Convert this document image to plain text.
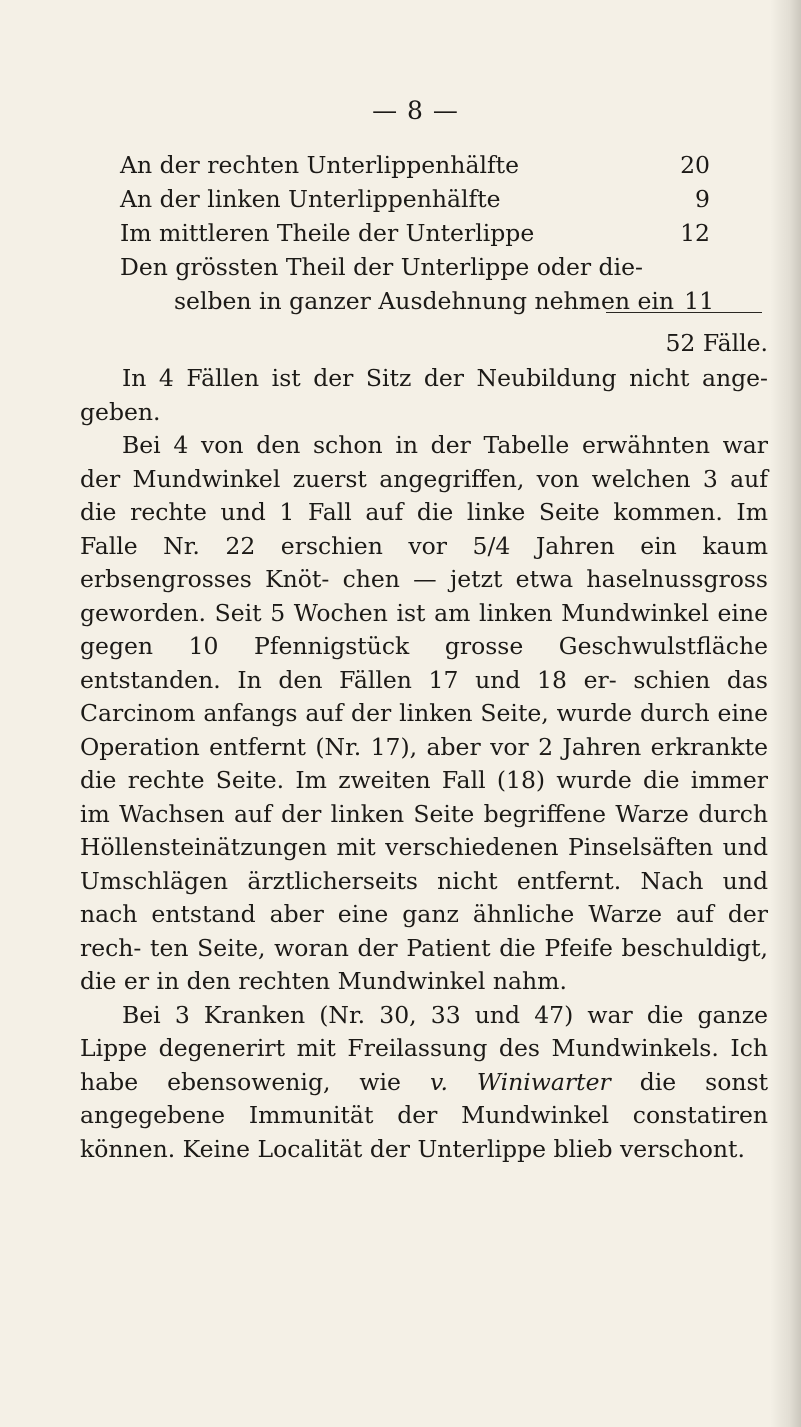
— 8 —
An der rechten Unterlippenhälfte	20
An der linken Unterlippenhälfte	9
Im mittleren Theile der Unterlippe	12
Den grössten Theil der Unterlippe oder die-
selben in ganzer Ausdehnung nehmen ein 11
52 Fälle.

In 4 Fällen ist der Sitz der Neubildung nicht ange- geben.

Bei 4 von den schon in der Tabelle erwähnten war der Mundwinkel zuerst angegriffen, von welchen 3 auf die rechte und 1 Fall auf die linke Seite kommen. Im Falle Nr. 22 erschien vor 5/4 Jahren ein kaum erbsengrosses Knöt- chen — jetzt etwa haselnussgross geworden. Seit 5 Wochen ist am linken Mundwinkel eine gegen 10 Pfennigstück grosse Geschwulstfläche entstanden. In den Fällen 17 und 18 er- schien das Carcinom anfangs auf der linken Seite, wurde durch eine Operation entfernt (Nr. 17), aber vor 2 Jahren erkrankte die rechte Seite. Im zweiten Fall (18) wurde die immer im Wachsen auf der linken Seite begriffene Warze durch Höllensteinätzungen mit verschiedenen Pinselsäften und Umschlägen ärztlicherseits nicht entfernt. Nach und nach entstand aber eine ganz ähnliche Warze auf der rech- ten Seite, woran der Patient die Pfeife beschuldigt, die er in den rechten Mundwinkel nahm.

Bei 3 Kranken (Nr. 30, 33 und 47) war die ganze Lippe degenerirt mit Freilassung des Mundwinkels. Ich habe ebensowenig, wie v. Winiwarter die sonst angegebene Immunität der Mundwinkel constatiren können. Keine Localität der Unterlippe blieb verschont.
